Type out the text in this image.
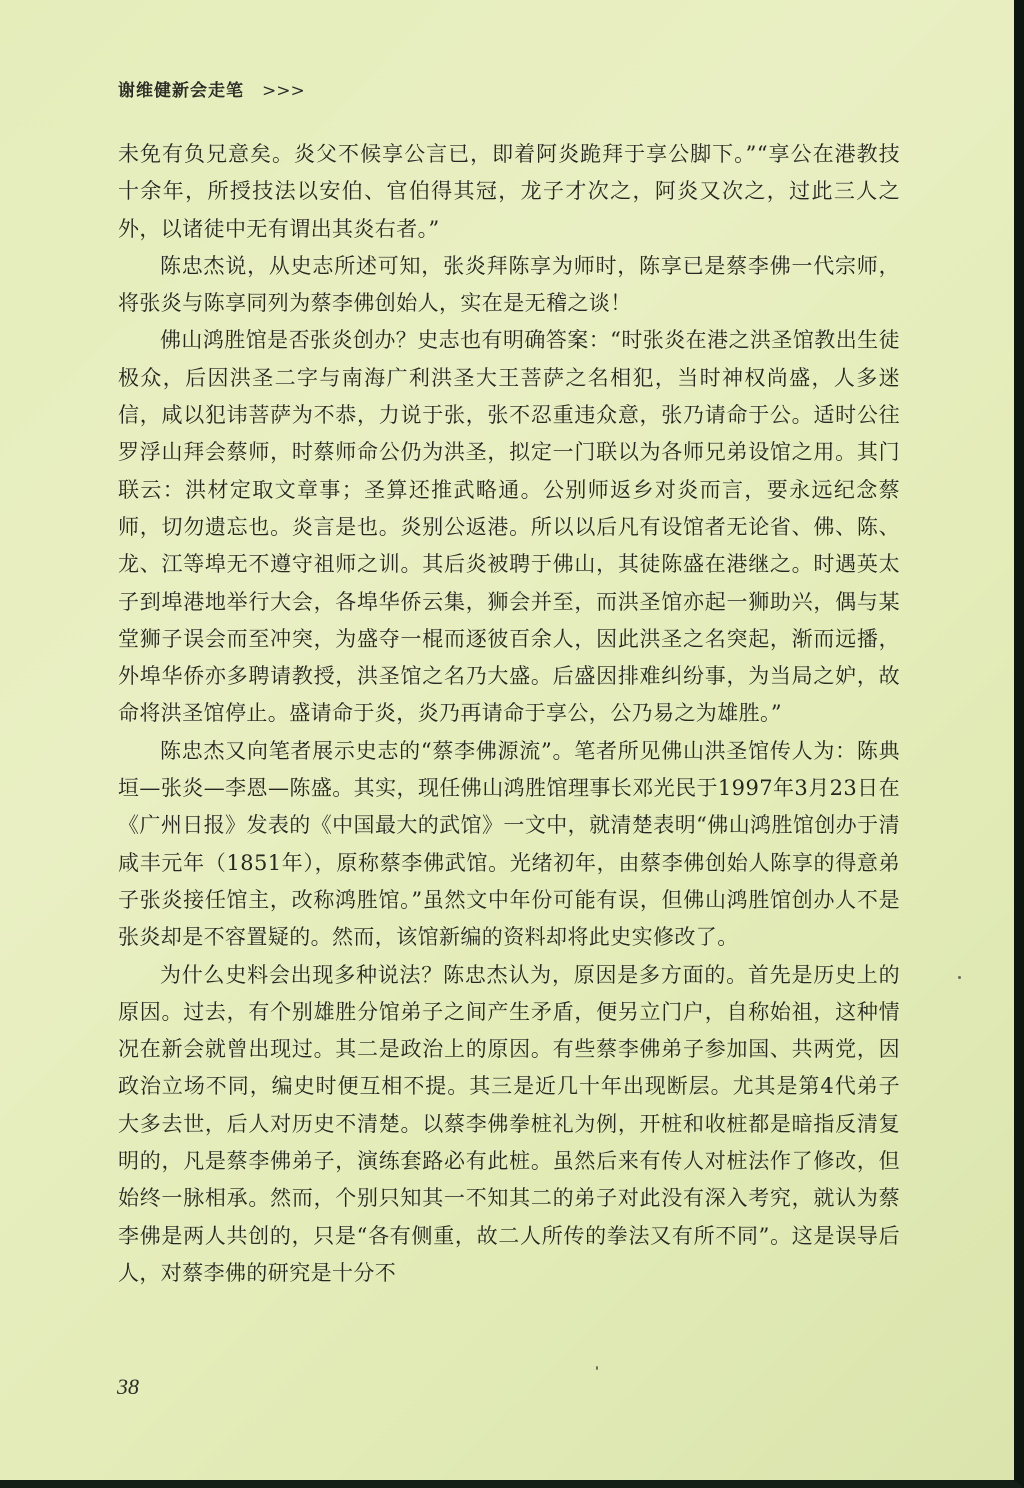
谢维健新会走笔 >>>

未免有负兄意矣。炎父不候享公言已，即着阿炎跪拜于享公脚下。”“享公在港教技十余年，所授技法以安伯、官伯得其冠，龙子才次之，阿炎又次之，过此三人之外，以诸徒中无有谓出其炎右者。”

陈忠杰说，从史志所述可知，张炎拜陈享为师时，陈享已是蔡李佛一代宗师，将张炎与陈享同列为蔡李佛创始人，实在是无稽之谈！

佛山鸿胜馆是否张炎创办？史志也有明确答案：“时张炎在港之洪圣馆教出生徒极众，后因洪圣二字与南海广利洪圣大王菩萨之名相犯，当时神权尚盛，人多迷信，咸以犯讳菩萨为不恭，力说于张，张不忍重违众意，张乃请命于公。适时公往罗浮山拜会蔡师，时蔡师命公仍为洪圣，拟定一门联以为各师兄弟设馆之用。其门联云：洪材定取文章事；圣算还推武略通。公别师返乡对炎而言，要永远纪念蔡师，切勿遗忘也。炎言是也。炎别公返港。所以以后凡有设馆者无论省、佛、陈、龙、江等埠无不遵守祖师之训。其后炎被聘于佛山，其徒陈盛在港继之。时遇英太子到埠港地举行大会，各埠华侨云集，狮会并至，而洪圣馆亦起一狮助兴，偶与某堂狮子误会而至冲突，为盛夺一棍而逐彼百余人，因此洪圣之名突起，渐而远播，外埠华侨亦多聘请教授，洪圣馆之名乃大盛。后盛因排难纠纷事，为当局之妒，故命将洪圣馆停止。盛请命于炎，炎乃再请命于享公，公乃易之为雄胜。”

陈忠杰又向笔者展示史志的“蔡李佛源流”。笔者所见佛山洪圣馆传人为：陈典垣—张炎—李恩—陈盛。其实，现任佛山鸿胜馆理事长邓光民于1997年3月23日在《广州日报》发表的《中国最大的武馆》一文中，就清楚表明“佛山鸿胜馆创办于清咸丰元年（1851年），原称蔡李佛武馆。光绪初年，由蔡李佛创始人陈享的得意弟子张炎接任馆主，改称鸿胜馆。”虽然文中年份可能有误，但佛山鸿胜馆创办人不是张炎却是不容置疑的。然而，该馆新编的资料却将此史实修改了。

为什么史料会出现多种说法？陈忠杰认为，原因是多方面的。首先是历史上的原因。过去，有个别雄胜分馆弟子之间产生矛盾，便另立门户，自称始祖，这种情况在新会就曾出现过。其二是政治上的原因。有些蔡李佛弟子参加国、共两党，因政治立场不同，编史时便互相不提。其三是近几十年出现断层。尤其是第4代弟子大多去世，后人对历史不清楚。以蔡李佛拳桩礼为例，开桩和收桩都是暗指反清复明的，凡是蔡李佛弟子，演练套路必有此桩。虽然后来有传人对桩法作了修改，但始终一脉相承。然而，个别只知其一不知其二的弟子对此没有深入考究，就认为蔡李佛是两人共创的，只是“各有侧重，故二人所传的拳法又有所不同”。这是误导后人，对蔡李佛的研究是十分不

38
